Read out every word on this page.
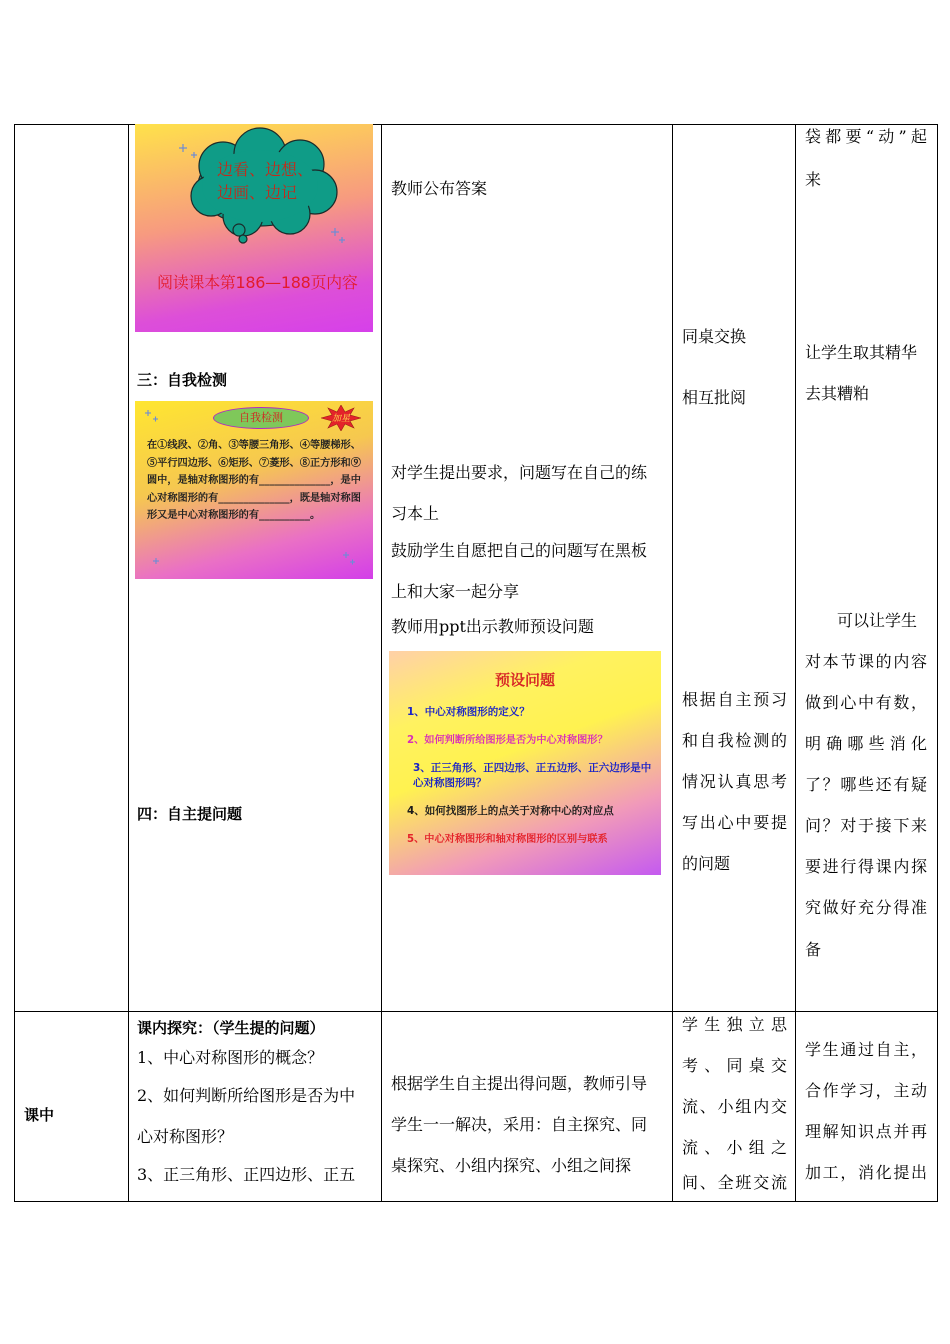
课中
边看、边想、边画、边记
阅读课本第186—188页内容
三：自我检测
自我检测	加星
在①线段、②角、③等腰三角形、④等腰梯形、⑤平行四边形、⑥矩形、⑦菱形、⑧正方形和⑨圆中，是轴对称图形的有______________，是中心对称图形的有______________，既是轴对称图形又是中心对称图形的有__________。
四：自主提问题
教师公布答案
对学生提出要求，问题写在自己的练
习本上
鼓励学生自愿把自己的问题写在黑板
上和大家一起分享
教师用ppt出示教师预设问题
预设问题
1、中心对称图形的定义？
2、如何判断所给图形是否为中心对称图形？
3、正三角形、正四边形、正五边形、正六边形是中心对称图形吗？
4、如何找图形上的点关于对称中心的对应点
5、中心对称图形和轴对称图形的区别与联系
同桌交换
相互批阅
根据自主预习
和自我检测的
情况认真思考
写出心中要提
的问题
袋都要“动”起
来
让学生取其精华
去其糟粕
可以让学生
对本节课的内容
做到心中有数，
明 确 哪 些 消 化
了？哪些还有疑
问？对于接下来
要进行得课内探
究做好充分得准
备
课内探究：（学生提的问题）
1、中心对称图形的概念？
2、如何判断所给图形是否为中
心对称图形？
3、正三角形、正四边形、正五
根据学生自主提出得问题，教师引导
学生一一解决，采用：自主探究、同
桌探究、小组内探究、小组之间探
学 生 独 立 思
考 、 同 桌 交
流、小组内交
流 、 小 组 之
间、全班交流
学生通过自主，
合作学习，主动
理解知识点并再
加工，消化提出
